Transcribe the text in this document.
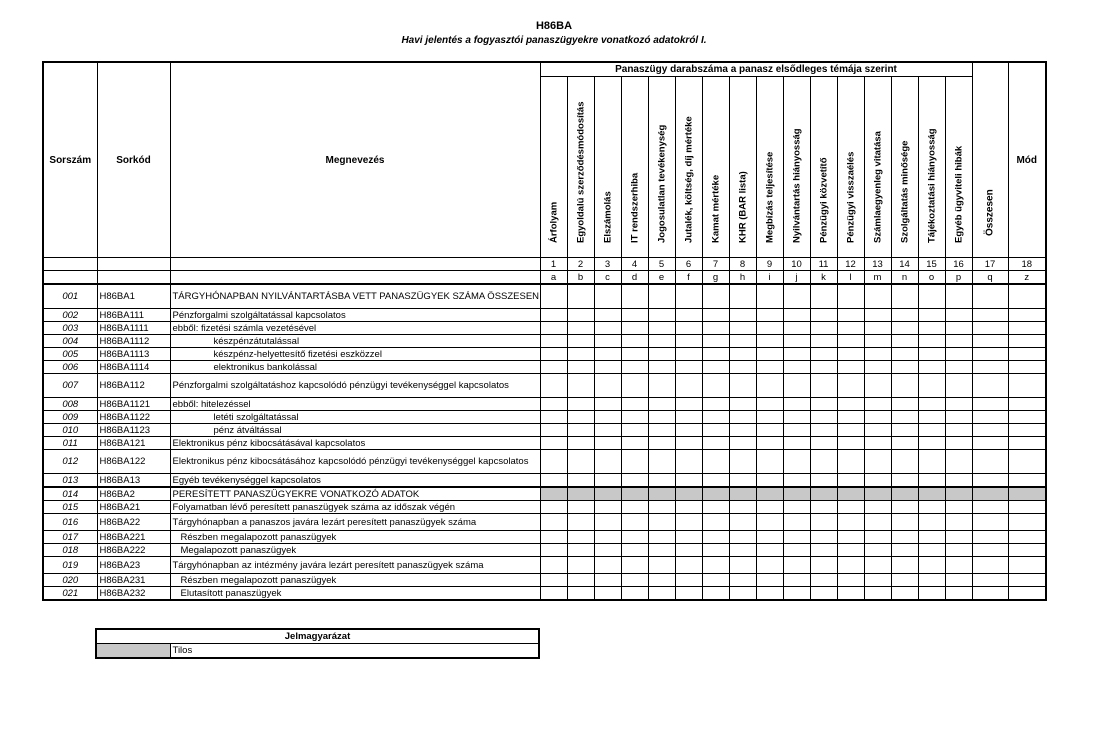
H86BA
Havi jelentés a fogyasztói panaszügyekre vonatkozó adatokról I.
Sorszám	Sorkód	Megnevezés	Panaszügy darabszáma a panasz elsődleges témája szerint																Összesen	Mód

			Árfolyam	Egyoldalú szerződésmódosítás	Elszámolás	IT rendszerhiba	Jogosulatlan tevékenység	Jutalék, költség, díj mértéke	Kamat mértéke	KHR (BAR lista)	Megbízás teljesítése	Nyilvántartás hiányosság	Pénzügyi közvetítő	Pénzügyi visszaélés	Számlaegyenleg vitatása	Szolgáltatás minősége	Tájékoztatási hiányosság	Egyéb ügyviteli hibák		

			1	2	3	4	5	6	7	8	9	10	11	12	13	14	15	16	17	18
			a	b	c	d	e	f	g	h	i	j	k	l	m	n	o	p	q	z
001	H86BA1	TÁRGYHÓNAPBAN NYILVÁNTARTÁSBA VETT PANASZÜGYEK SZÁMA ÖSSZESEN																		
002	H86BA111	Pénzforgalmi szolgáltatással kapcsolatos																		
003	H86BA1111	ebből: fizetési számla vezetésével																		
004	H86BA1112	készpénzátutalással																		
005	H86BA1113	készpénz-helyettesítő fizetési eszközzel																		
006	H86BA1114	elektronikus bankolással																		
007	H86BA112	Pénzforgalmi szolgáltatáshoz kapcsolódó pénzügyi tevékenységgel kapcsolatos																		
008	H86BA1121	ebből: hitelezéssel																		
009	H86BA1122	letéti szolgáltatással																		
010	H86BA1123	pénz átváltással																		
011	H86BA121	Elektronikus pénz kibocsátásával kapcsolatos																		
012	H86BA122	Elektronikus pénz kibocsátásához kapcsolódó pénzügyi tevékenységgel kapcsolatos																		
013	H86BA13	Egyéb tevékenységgel kapcsolatos																		
014	H86BA2	PERESÍTETT PANASZÜGYEKRE VONATKOZÓ ADATOK																		
015	H86BA21	Folyamatban lévő peresített panaszügyek száma az időszak végén																		
016	H86BA22	Tárgyhónapban a panaszos javára lezárt peresített panaszügyek száma																		
017	H86BA221	Részben megalapozott panaszügyek																		
018	H86BA222	Megalapozott panaszügyek																		
019	H86BA23	Tárgyhónapban az intézmény javára lezárt peresített panaszügyek száma																		
020	H86BA231	Részben megalapozott panaszügyek																		
021	H86BA232	Elutasított panaszügyek																		
Jelmagyarázat
	Tilos
